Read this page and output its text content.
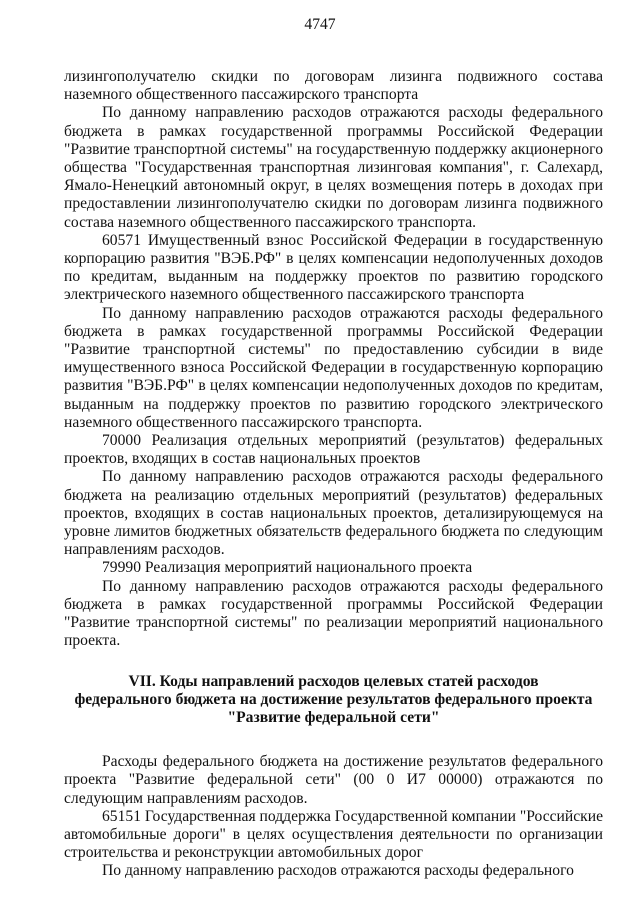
4747

лизингополучателю скидки по договорам лизинга подвижного состава наземного общественного пассажирского транспорта

По данному направлению расходов отражаются расходы федерального бюджета в рамках государственной программы Российской Федерации "Развитие транспортной системы" на государственную поддержку акционерного общества "Государственная транспортная лизинговая компания", г. Салехард, Ямало-Ненецкий автономный округ, в целях возмещения потерь в доходах при предоставлении лизингополучателю скидки по договорам лизинга подвижного состава наземного общественного пассажирского транспорта.

60571 Имущественный взнос Российской Федерации в государственную корпорацию развития "ВЭБ.РФ" в целях компенсации недополученных доходов по кредитам, выданным на поддержку проектов по развитию городского электрического наземного общественного пассажирского транспорта

По данному направлению расходов отражаются расходы федерального бюджета в рамках государственной программы Российской Федерации "Развитие транспортной системы" по предоставлению субсидии в виде имущественного взноса Российской Федерации в государственную корпорацию развития "ВЭБ.РФ" в целях компенсации недополученных доходов по кредитам, выданным на поддержку проектов по развитию городского электрического наземного общественного пассажирского транспорта.

70000 Реализация отдельных мероприятий (результатов) федеральных проектов, входящих в состав национальных проектов

По данному направлению расходов отражаются расходы федерального бюджета на реализацию отдельных мероприятий (результатов) федеральных проектов, входящих в состав национальных проектов, детализирующемуся на уровне лимитов бюджетных обязательств федерального бюджета по следующим направлениям расходов.

79990 Реализация мероприятий национального проекта

По данному направлению расходов отражаются расходы федерального бюджета в рамках государственной программы Российской Федерации "Развитие транспортной системы" по реализации мероприятий национального проекта.

VII. Коды направлений расходов целевых статей расходов
федерального бюджета на достижение результатов федерального проекта
"Развитие федеральной сети"

Расходы федерального бюджета на достижение результатов федерального проекта "Развитие федеральной сети" (00 0 И7 00000) отражаются по следующим направлениям расходов.

65151 Государственная поддержка Государственной компании "Российские автомобильные дороги" в целях осуществления деятельности по организации строительства и реконструкции автомобильных дорог

По данному направлению расходов отражаются расходы федерального
